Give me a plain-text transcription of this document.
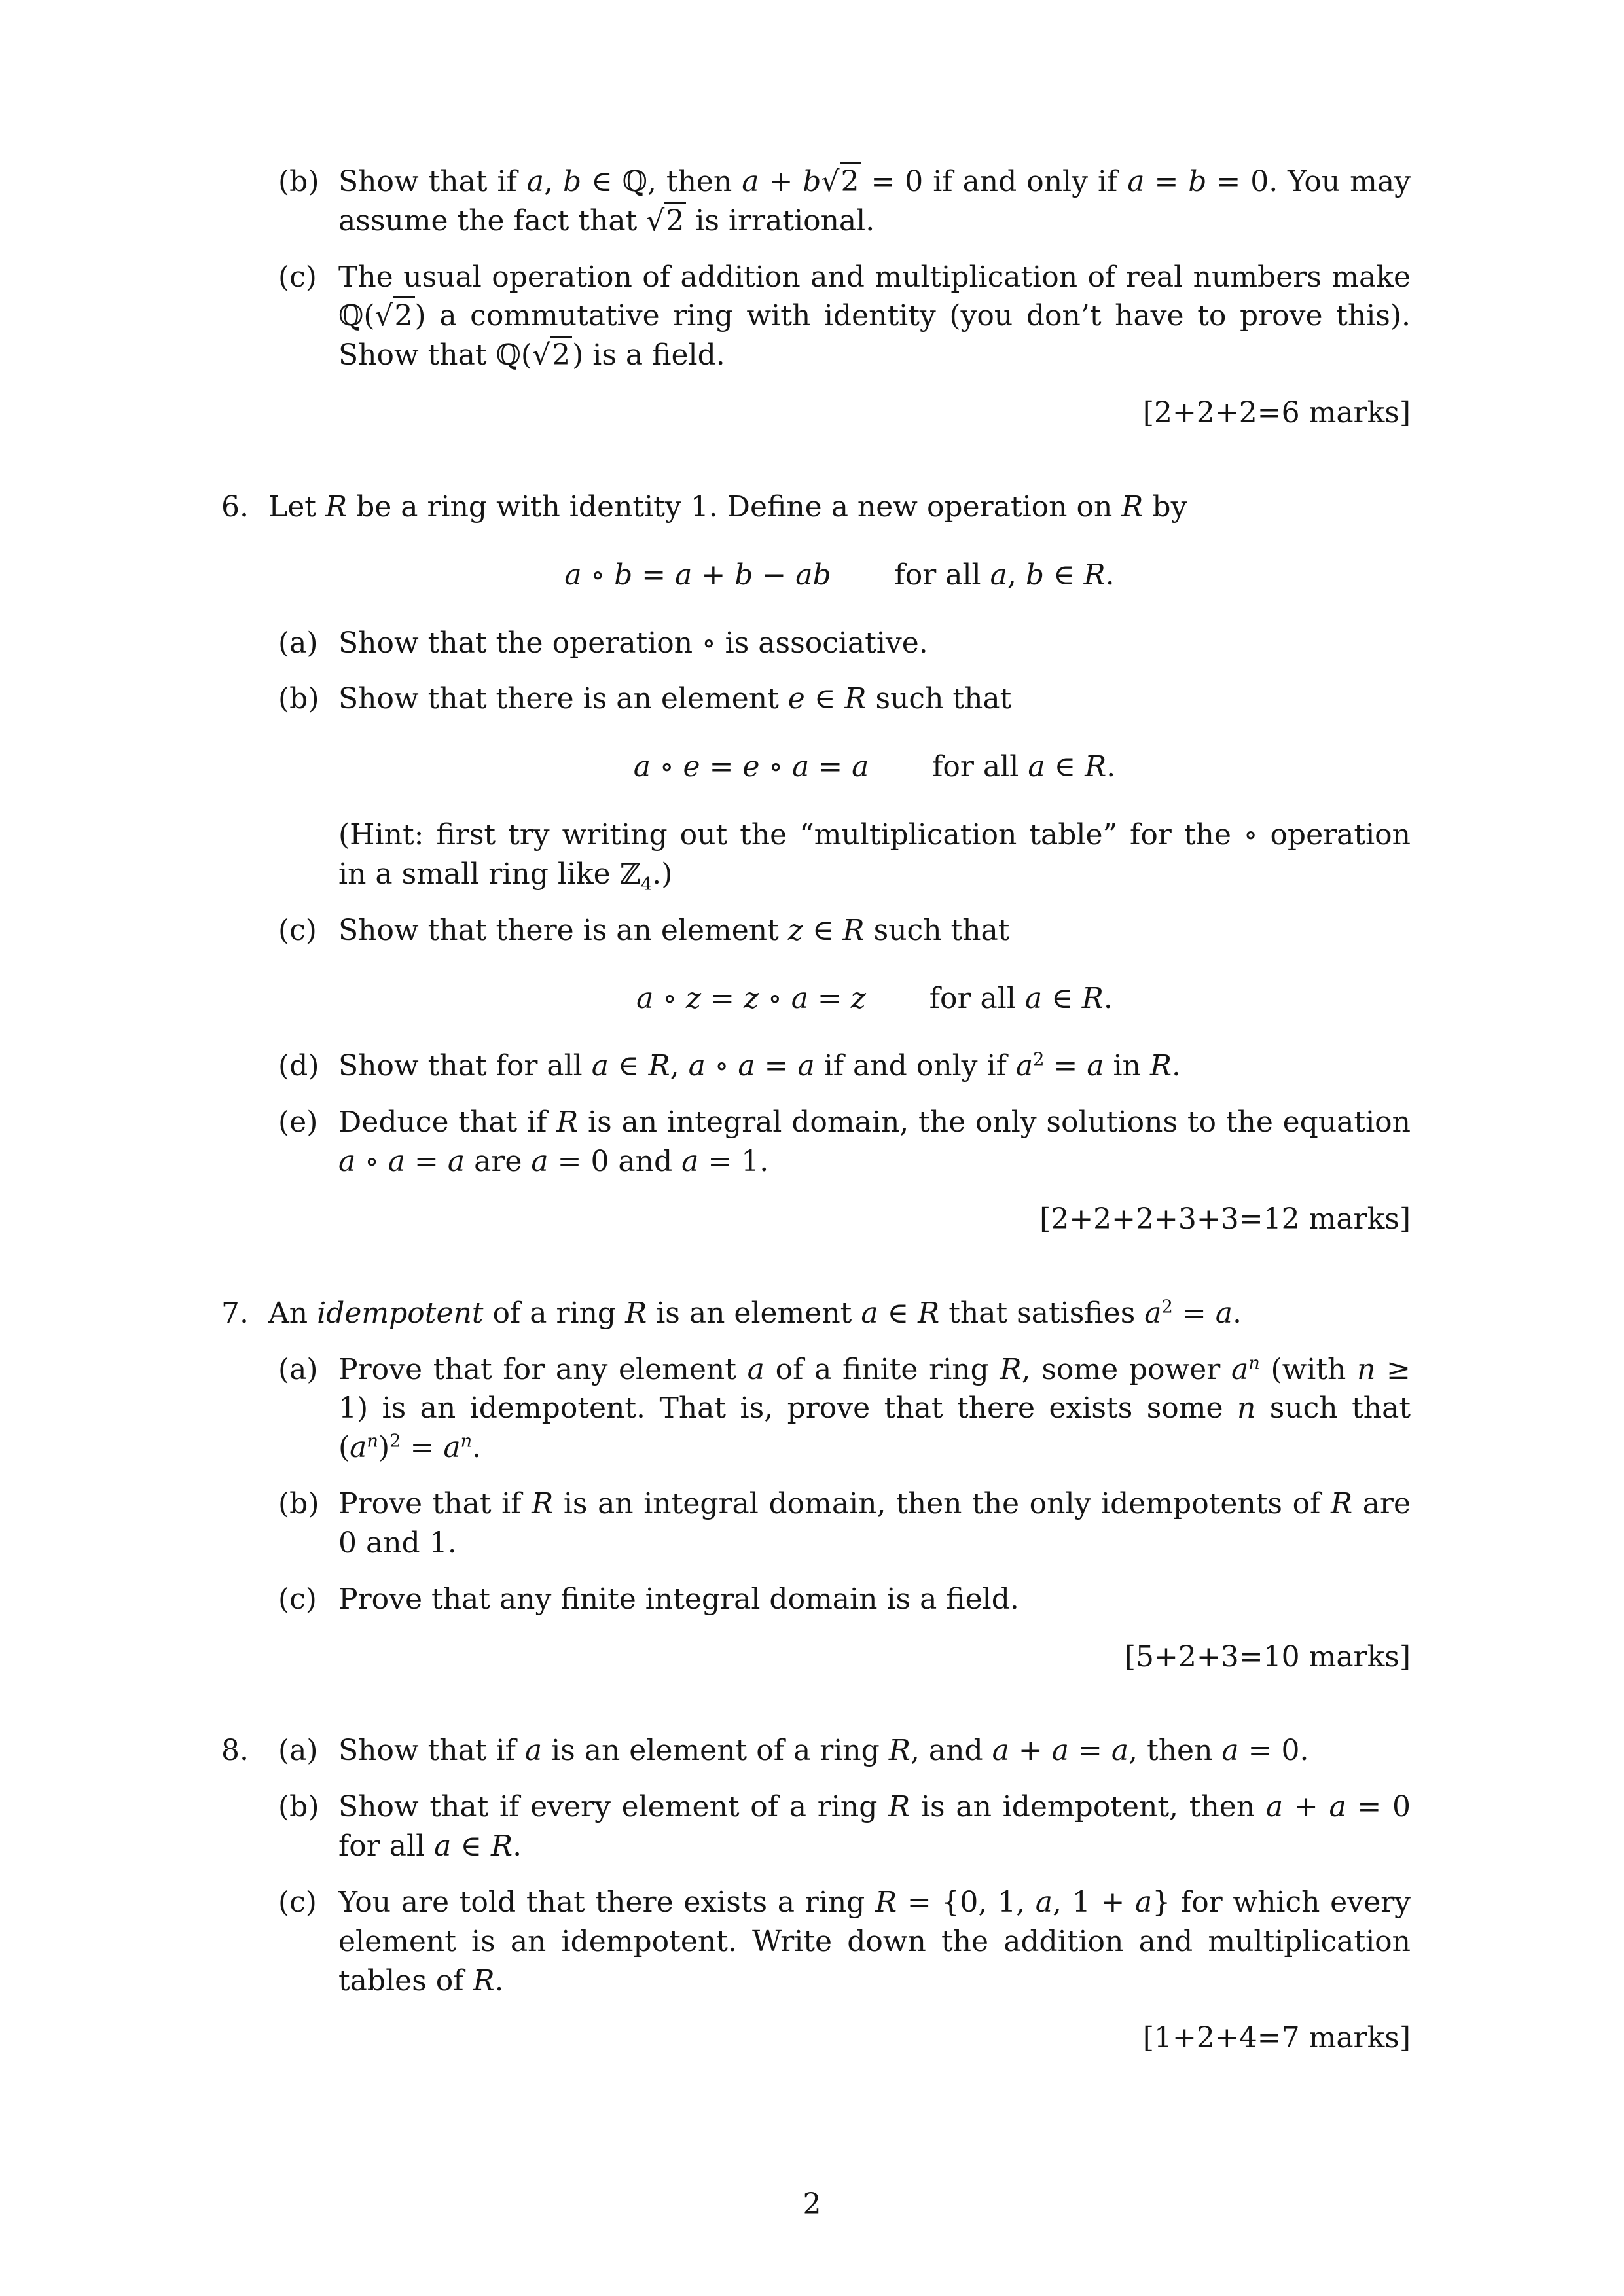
(b) Show that if a, b ∈ ℚ, then a + b√2 = 0 if and only if a = b = 0. You may assume the fact that √2 is irrational.

(c) The usual operation of addition and multiplication of real numbers make ℚ(√2) a commutative ring with identity (you don’t have to prove this). Show that ℚ(√2) is a field.

[2+2+2=6 marks]
6. Let R be a ring with identity 1. Define a new operation on R by

a ∘ b = a + b − ab for all a, b ∈ R.

(a) Show that the operation ∘ is associative.

(b) Show that there is an element e ∈ R such that

a ∘ e = e ∘ a = a for all a ∈ R.

(Hint: first try writing out the “multiplication table” for the ∘ operation in a small ring like ℤ$_4$.)

(c) Show that there is an element z ∈ R such that

a ∘ z = z ∘ a = z for all a ∈ R.

(d) Show that for all a ∈ R, a ∘ a = a if and only if $a^2 = a$ in R.

(e) Deduce that if R is an integral domain, the only solutions to the equation a ∘ a = a are a = 0 and a = 1.

[2+2+2+3+3=12 marks]
7. An idempotent of a ring R is an element a ∈ R that satisfies $a^2 = a$.

(a) Prove that for any element a of a finite ring R, some power $a^n$ (with n ≥ 1) is an idempotent. That is, prove that there exists some n such that $(a^n)^2 = a^n$.

(b) Prove that if R is an integral domain, then the only idempotents of R are 0 and 1.

(c) Prove that any finite integral domain is a field.

[5+2+3=10 marks]
8. (a) Show that if a is an element of a ring R, and a + a = a, then a = 0.

(b) Show that if every element of a ring R is an idempotent, then a + a = 0 for all a ∈ R.

(c) You are told that there exists a ring R = {0, 1, a, 1 + a} for which every element is an idempotent. Write down the addition and multiplication tables of R.

[1+2+4=7 marks]
2
